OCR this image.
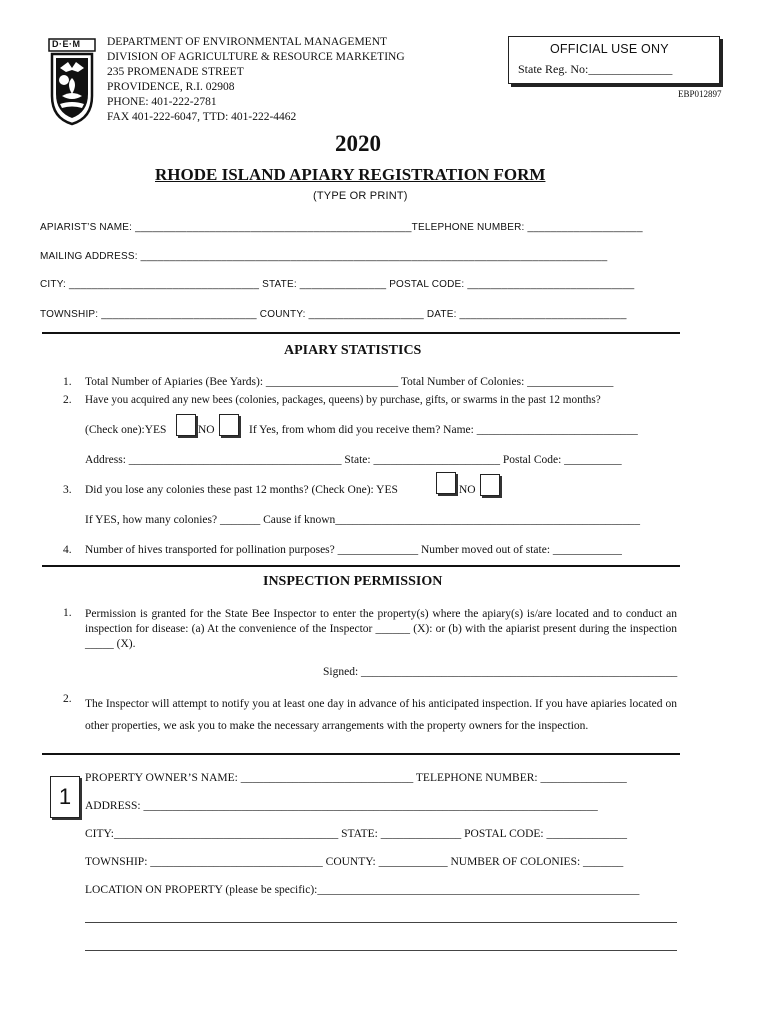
D·E·M DEPARTMENT OF ENVIRONMENTAL MANAGEMENT
DIVISION OF AGRICULTURE & RESOURCE MARKETING
235 PROMENADE STREET
PROVIDENCE, R.I. 02908
PHONE: 401-222-2781
FAX 401-222-6047, TTD: 401-222-4462
OFFICIAL USE ONY
State Reg. No:______________
EBP012897
2020
RHODE ISLAND APIARY REGISTRATION FORM
(TYPE OR PRINT)
APIARIST’S NAME: ________________________________________________TELEPHONE NUMBER: ____________________
MAILING ADDRESS: _________________________________________________________________________________
CITY: _________________________________ STATE: _______________ POSTAL CODE: _____________________________
TOWNSHIP: ___________________________ COUNTY: ____________________ DATE: _____________________________
APIARY STATISTICS
1. Total Number of Apiaries (Bee Yards): _______________________ Total Number of Colonies: _______________
2. Have you acquired any new bees (colonies, packages, queens) by purchase, gifts, or swarms in the past 12 months?
(Check one):YES	NO	If Yes, from whom did you receive them? Name: ____________________________
Address: _____________________________________ State: ______________________ Postal Code: __________
3. Did you lose any colonies these past 12 months? (Check One): YES	NO
If YES, how many colonies? _______ Cause if known_____________________________________________________
4. Number of hives transported for pollination purposes? ______________ Number moved out of state: ____________
INSPECTION PERMISSION
1. Permission is granted for the State Bee Inspector to enter the property(s) where the apiary(s) is/are located and to conduct an inspection for disease: (a) At the convenience of the Inspector ______ (X): or (b) with the apiarist present during the inspection _____ (X).
Signed: _______________________________________________________
2. The Inspector will attempt to notify you at least one day in advance of his anticipated inspection. If you have apiaries located on other properties, we ask you to make the necessary arrangements with the property owners for the inspection.
1
PROPERTY OWNER’S NAME: ______________________________ TELEPHONE NUMBER: _______________
ADDRESS: _______________________________________________________________________________
CITY:_______________________________________ STATE: ______________ POSTAL CODE: ______________
TOWNSHIP: ______________________________ COUNTY: ____________ NUMBER OF COLONIES: _______
LOCATION ON PROPERTY (please be specific):________________________________________________________
